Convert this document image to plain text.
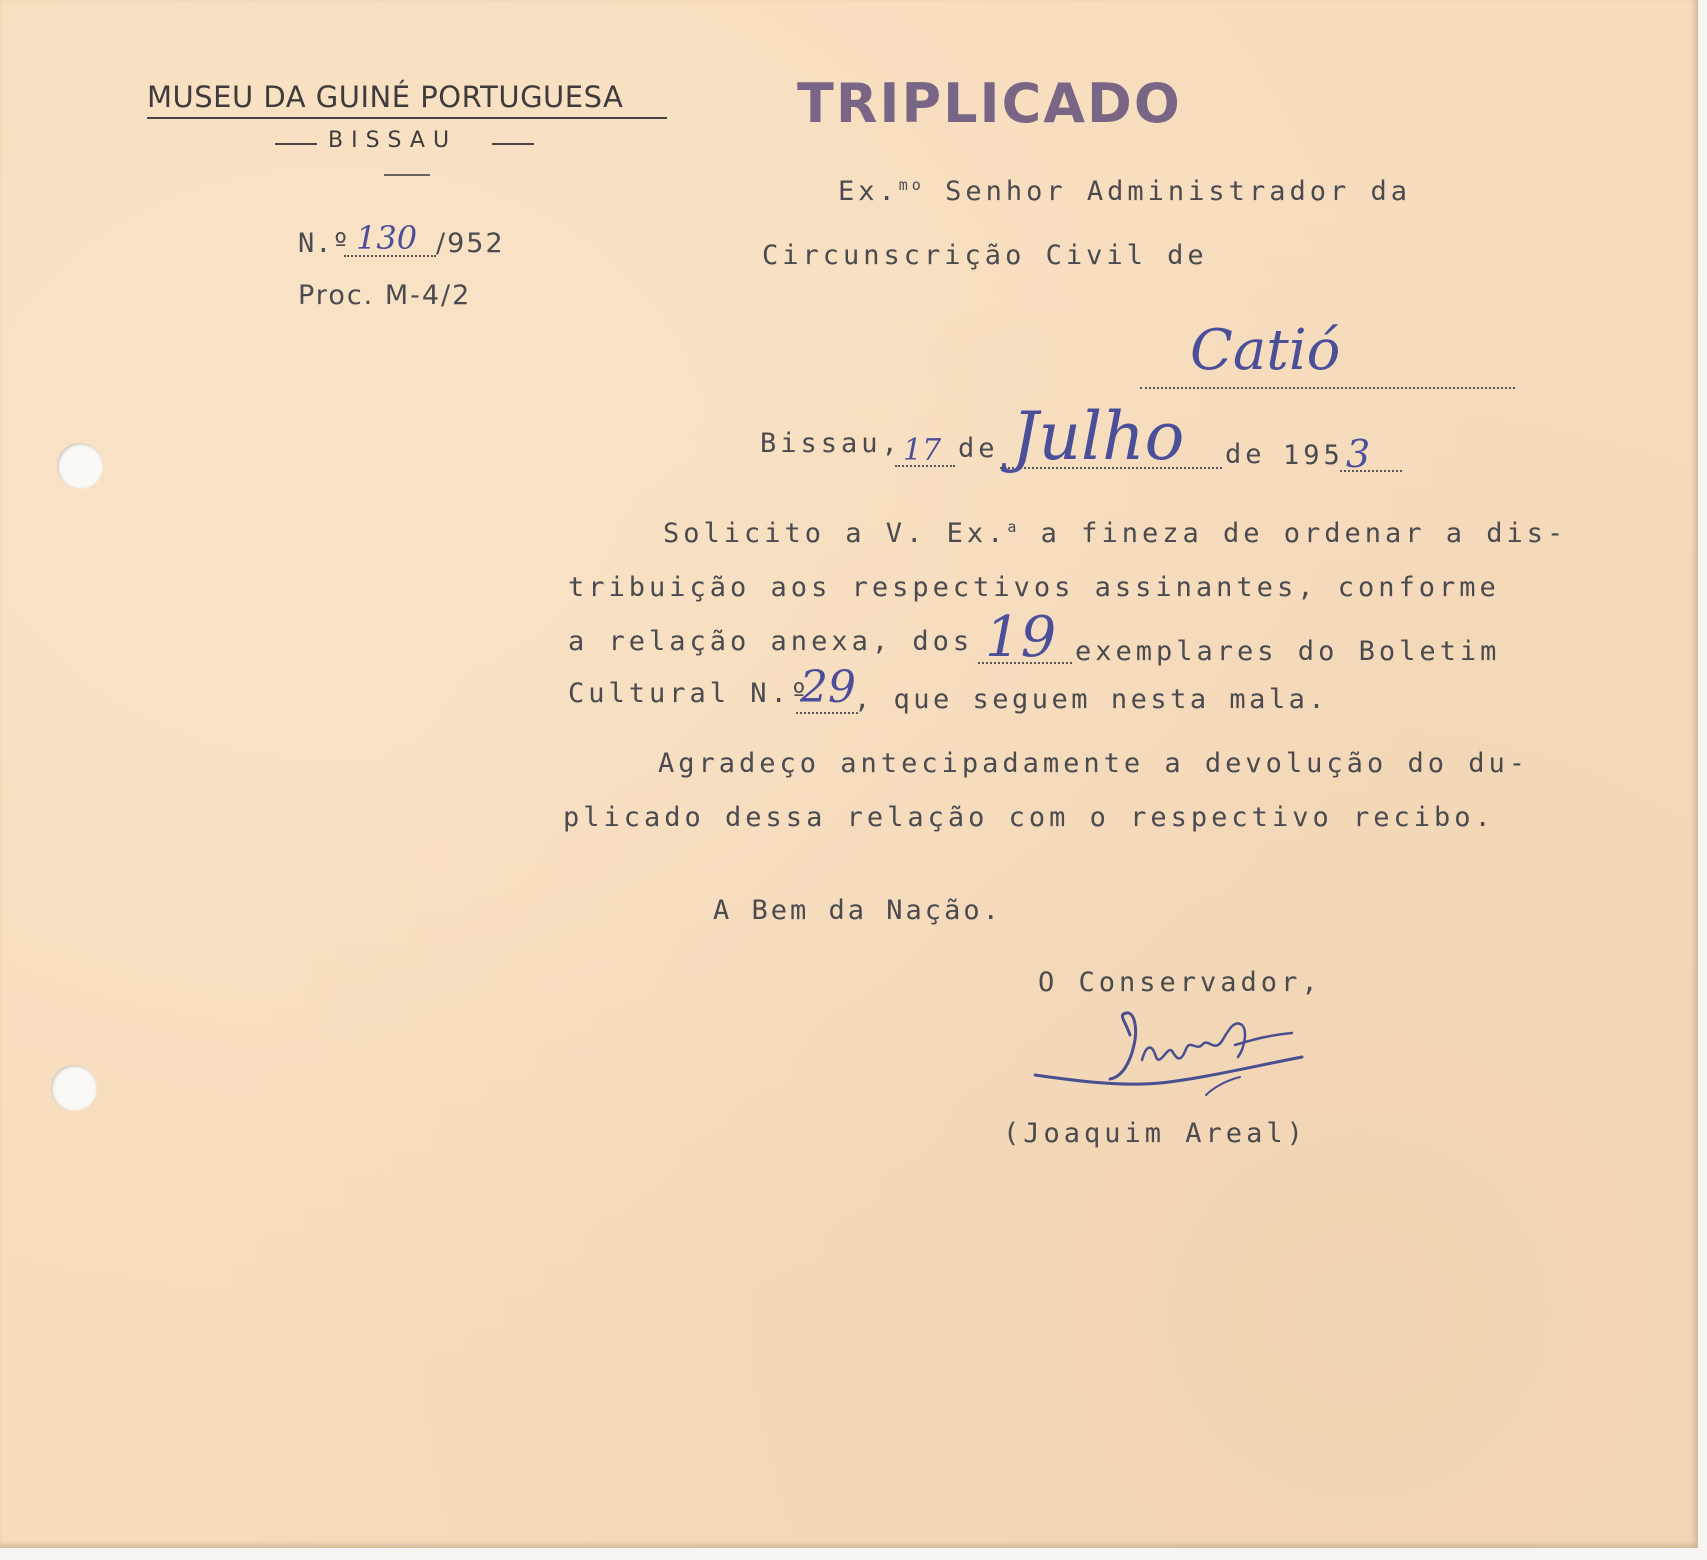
MUSEU DA GUINÉ PORTUGUESA
BISSAU
TRIPLICADO
N.º 130 /952
Proc. M-4/2
Ex.$^{mo}$ Senhor Administrador da
Circunscrição Civil de
Catió
Bissau, 17 de Julho de 195 3
Solicito a V. Ex.$^a$ a fineza de ordenar a dis-
tribuição aos respectivos assinantes, conforme
a relação anexa, dos 19 exemplares do Boletim
Cultural N.º
29
, que seguem nesta mala.
Agradeço antecipadamente a devolução do du-
plicado dessa relação com o respectivo recibo.
A Bem da Nação.
O Conservador,
(Joaquim Areal)
